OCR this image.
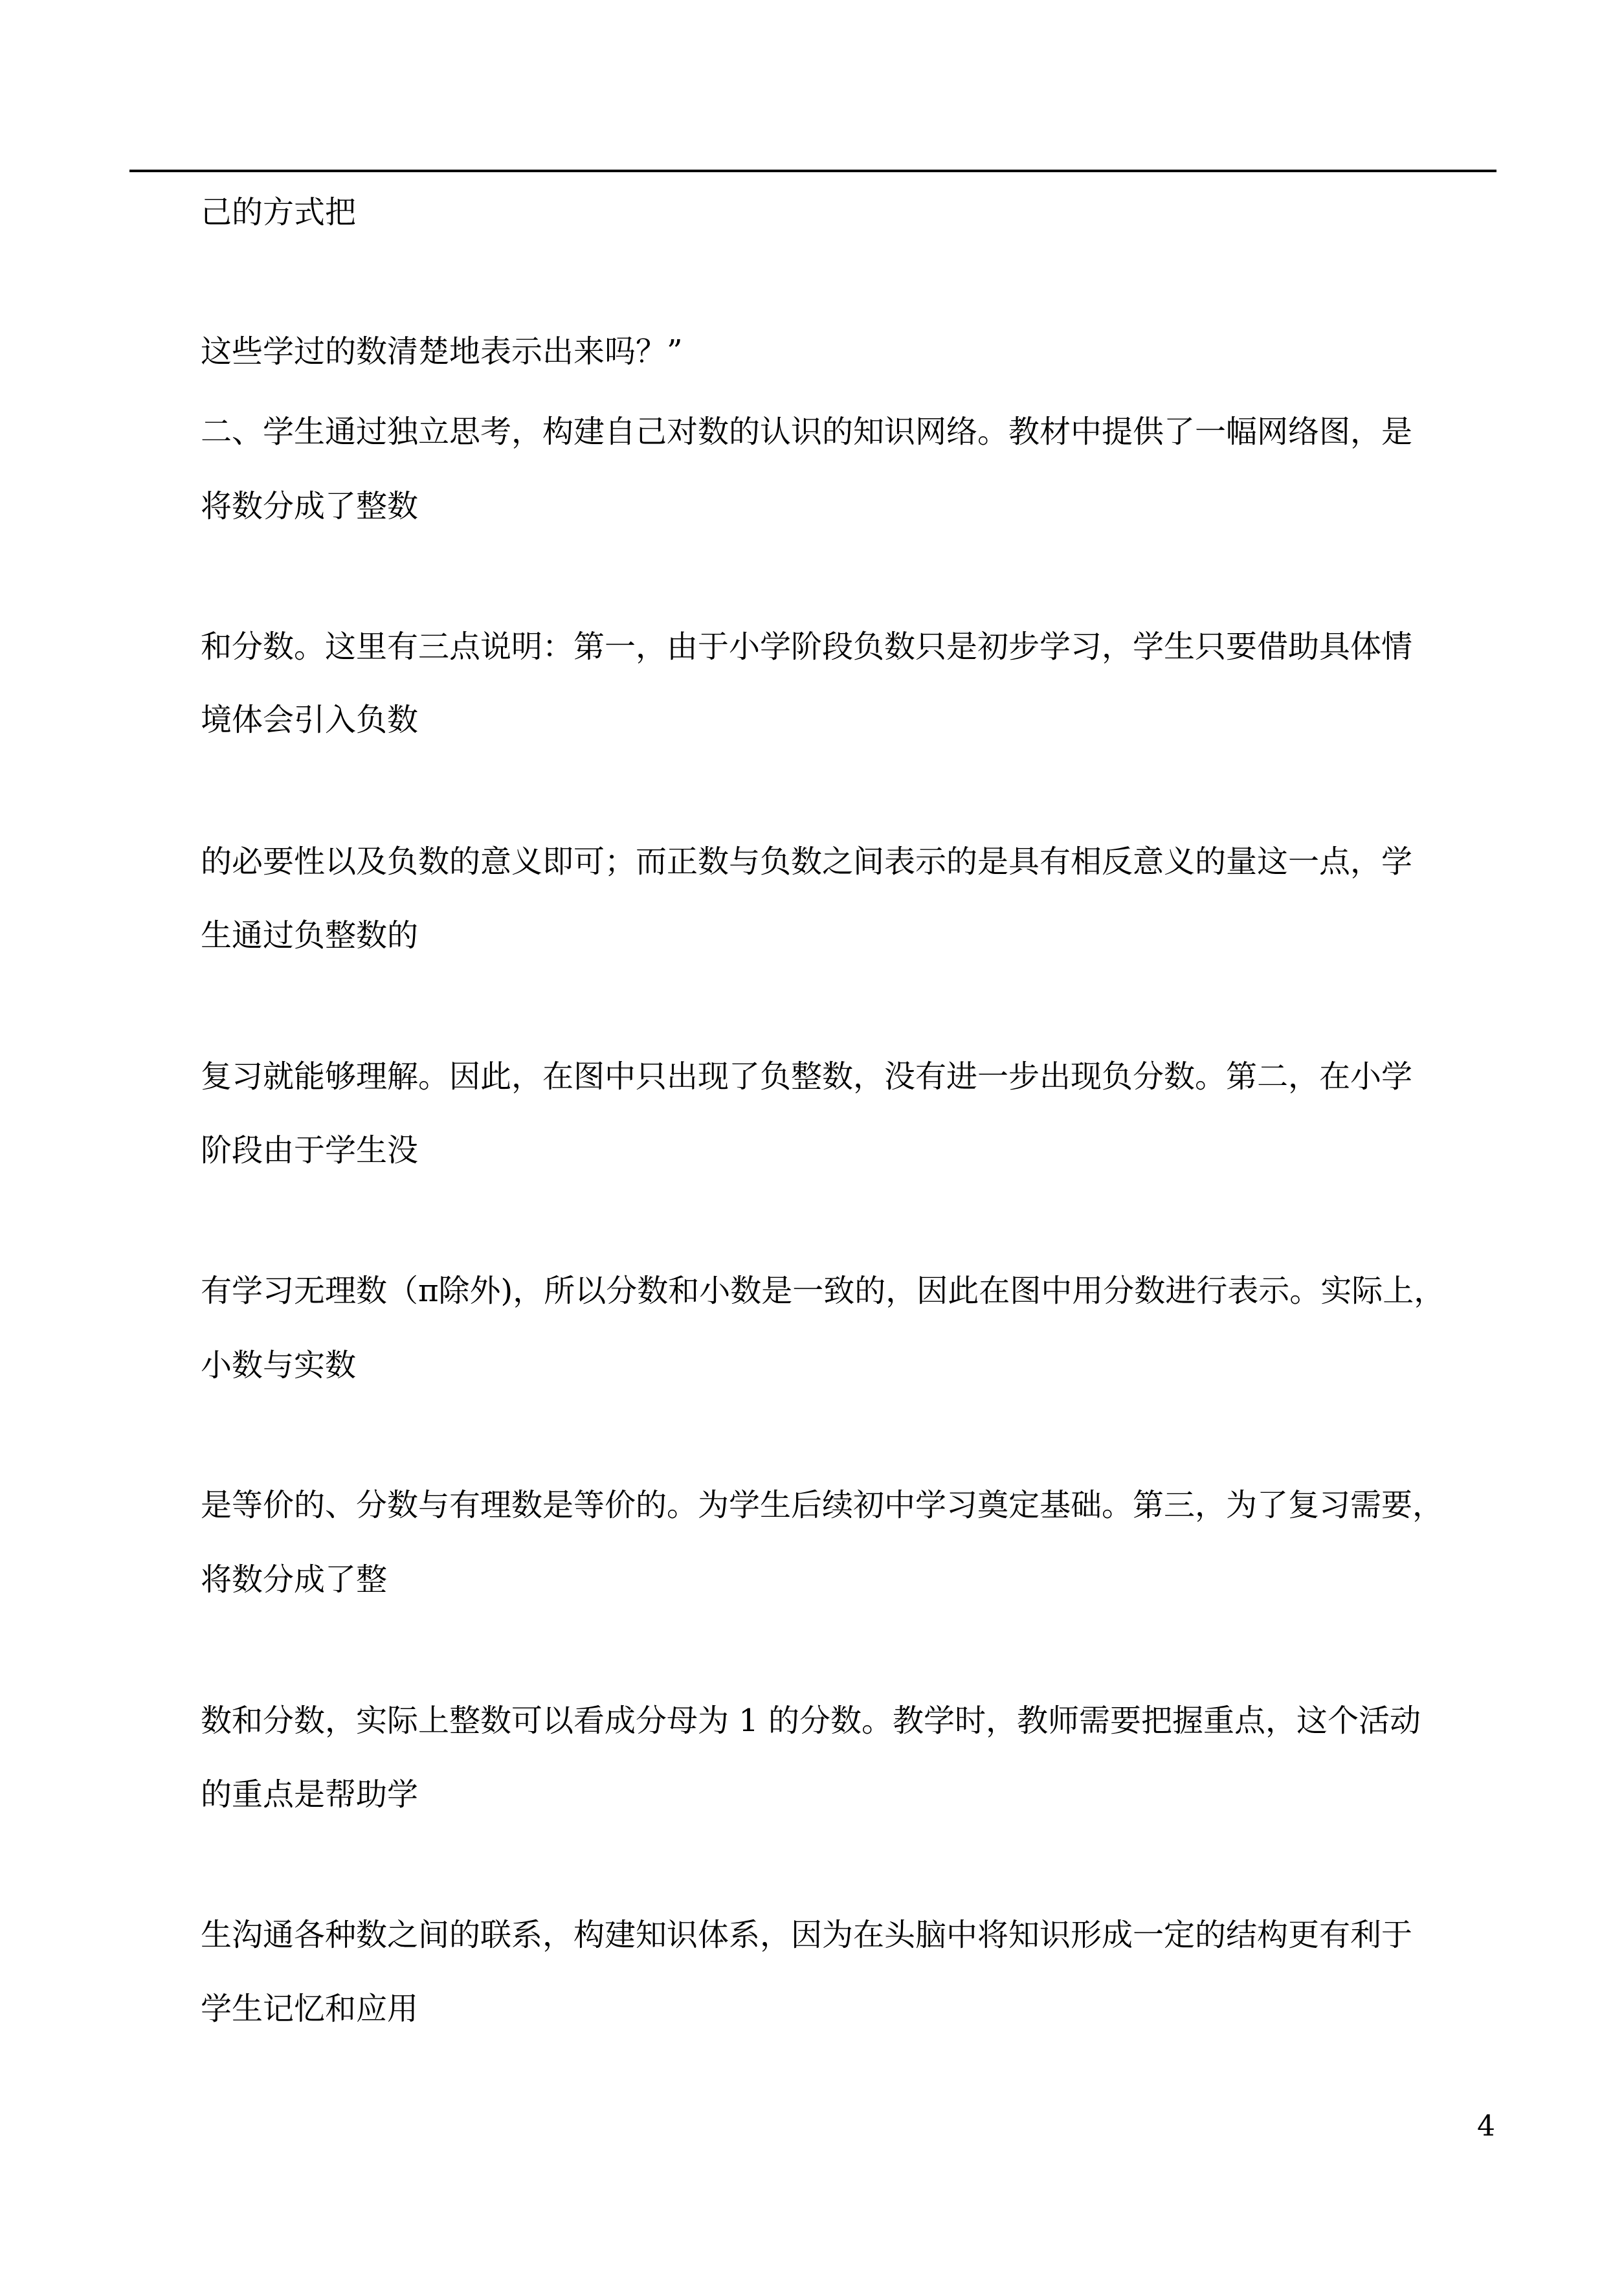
己的方式把
这些学过的数清楚地表示出来吗？”
二、学生通过独立思考，构建自己对数的认识的知识网络。教材中提供了一幅网络图，是
将数分成了整数
和分数。这里有三点说明：第一，由于小学阶段负数只是初步学习，学生只要借助具体情
境体会引入负数
的必要性以及负数的意义即可；而正数与负数之间表示的是具有相反意义的量这一点，学
生通过负整数的
复习就能够理解。因此，在图中只出现了负整数，没有进一步出现负分数。第二，在小学
阶段由于学生没
有学习无理数（π除外)，所以分数和小数是一致的，因此在图中用分数进行表示。实际上，
小数与实数
是等价的、分数与有理数是等价的。为学生后续初中学习奠定基础。第三，为了复习需要，
将数分成了整
数和分数，实际上整数可以看成分母为 1 的分数。教学时，教师需要把握重点，这个活动
的重点是帮助学
生沟通各种数之间的联系，构建知识体系，因为在头脑中将知识形成一定的结构更有利于
学生记忆和应用
4
